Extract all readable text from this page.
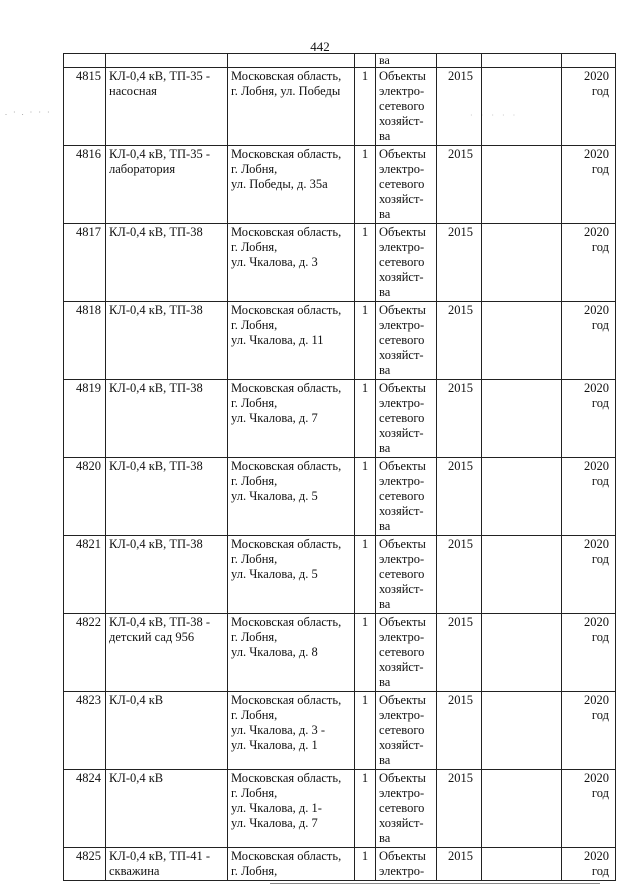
442
. · . · · ·	· · · · ·
				ва			
4815	КЛ-0,4 кВ, ТП-35 - насосная	Московская область,
г. Лобня, ул. Победы	1	Объекты
электро-
сетевого
хозяйст-
ва	2015		2020 год
4816	КЛ-0,4 кВ, ТП-35 - лаборатория	Московская область,
г. Лобня,
ул. Победы, д. 35а	1	Объекты
электро-
сетевого
хозяйст-
ва	2015		2020 год
4817	КЛ-0,4 кВ, ТП-38	Московская область,
г. Лобня,
ул. Чкалова, д. 3	1	Объекты
электро-
сетевого
хозяйст-
ва	2015		2020 год
4818	КЛ-0,4 кВ, ТП-38	Московская область,
г. Лобня,
ул. Чкалова, д. 11	1	Объекты
электро-
сетевого
хозяйст-
ва	2015		2020 год
4819	КЛ-0,4 кВ, ТП-38	Московская область,
г. Лобня,
ул. Чкалова, д. 7	1	Объекты
электро-
сетевого
хозяйст-
ва	2015		2020 год
4820	КЛ-0,4 кВ, ТП-38	Московская область,
г. Лобня,
ул. Чкалова, д. 5	1	Объекты
электро-
сетевого
хозяйст-
ва	2015		2020 год
4821	КЛ-0,4 кВ, ТП-38	Московская область,
г. Лобня,
ул. Чкалова, д. 5	1	Объекты
электро-
сетевого
хозяйст-
ва	2015		2020 год
4822	КЛ-0,4 кВ, ТП-38 - детский сад 956	Московская область,
г. Лобня,
ул. Чкалова, д. 8	1	Объекты
электро-
сетевого
хозяйст-
ва	2015		2020 год
4823	КЛ-0,4 кВ	Московская область,
г. Лобня,
ул. Чкалова, д. 3 -
ул. Чкалова, д. 1	1	Объекты
электро-
сетевого
хозяйст-
ва	2015		2020 год
4824	КЛ-0,4 кВ	Московская область,
г. Лобня,
ул. Чкалова, д. 1-
ул. Чкалова, д. 7	1	Объекты
электро-
сетевого
хозяйст-
ва	2015		2020 год
4825	КЛ-0,4 кВ, ТП-41 - скважина	Московская область,
г. Лобня,	1	Объекты
электро-	2015		2020 год
